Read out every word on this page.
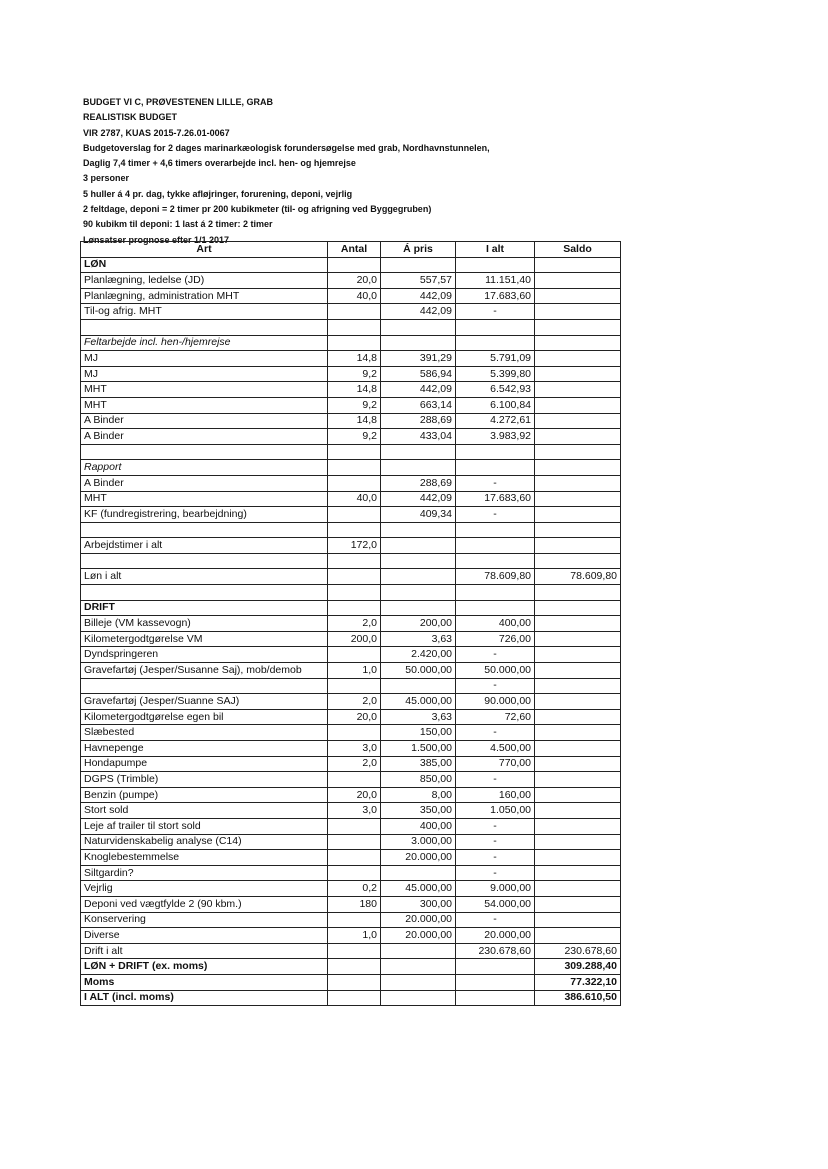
BUDGET VI C, PRØVESTENEN LILLE, GRAB
REALISTISK BUDGET
VIR 2787, KUAS 2015-7.26.01-0067
Budgetoverslag for 2 dages marinarkæologisk forundersøgelse med grab, Nordhavnstunnelen,
Daglig 7,4 timer + 4,6 timers overarbejde incl. hen- og hjemrejse
3 personer
5 huller á 4 pr. dag, tykke afløjringer, forurening, deponi, vejrlig
2 feltdage, deponi = 2 timer pr 200 kubikmeter (til- og afrigning ved Byggegruben)
90 kubikm til deponi: 1 last á 2 timer: 2 timer
Lønsatser prognose efter 1/1 2017
Art	Antal	Á pris	I alt	Saldo
LØN				
Planlægning, ledelse (JD)	20,0	557,57	11.151,40	
Planlægning, administration MHT	40,0	442,09	17.683,60	
Til-og afrig. MHT		442,09	-	

Feltarbejde incl. hen-/hjemrejse				
MJ	14,8	391,29	5.791,09	
MJ	9,2	586,94	5.399,80	
MHT	14,8	442,09	6.542,93	
MHT	9,2	663,14	6.100,84	
A Binder	14,8	288,69	4.272,61	
A Binder	9,2	433,04	3.983,92	

Rapport				
A Binder		288,69	-	
MHT	40,0	442,09	17.683,60	
KF (fundregistrering, bearbejdning)		409,34	-	

Arbejdstimer i alt	172,0			

Løn i alt			78.609,80	78.609,80

DRIFT				
Billeje (VM kassevogn)	2,0	200,00	400,00	
Kilometergodtgørelse VM	200,0	3,63	726,00	
Dyndspringeren		2.420,00	-	
Gravefartøj (Jesper/Susanne Saj), mob/demob	1,0	50.000,00	50.000,00	
			-	
Gravefartøj (Jesper/Suanne SAJ)	2,0	45.000,00	90.000,00	
Kilometergodtgørelse egen bil	20,0	3,63	72,60	
Slæbested		150,00	-	
Havnepenge	3,0	1.500,00	4.500,00	
Hondapumpe	2,0	385,00	770,00	
DGPS (Trimble)		850,00	-	
Benzin (pumpe)	20,0	8,00	160,00	
Stort sold	3,0	350,00	1.050,00	
Leje af trailer til stort sold		400,00	-	
Naturvidenskabelig analyse (C14)		3.000,00	-	
Knoglebestemmelse		20.000,00	-	
Siltgardin?			-	
Vejrlig	0,2	45.000,00	9.000,00	
Deponi ved vægtfylde 2 (90 kbm.)	180	300,00	54.000,00	
Konservering		20.000,00	-	
Diverse	1,0	20.000,00	20.000,00	
Drift i alt			230.678,60	230.678,60
LØN + DRIFT (ex. moms)				309.288,40
Moms				77.322,10
I ALT (incl. moms)				386.610,50
